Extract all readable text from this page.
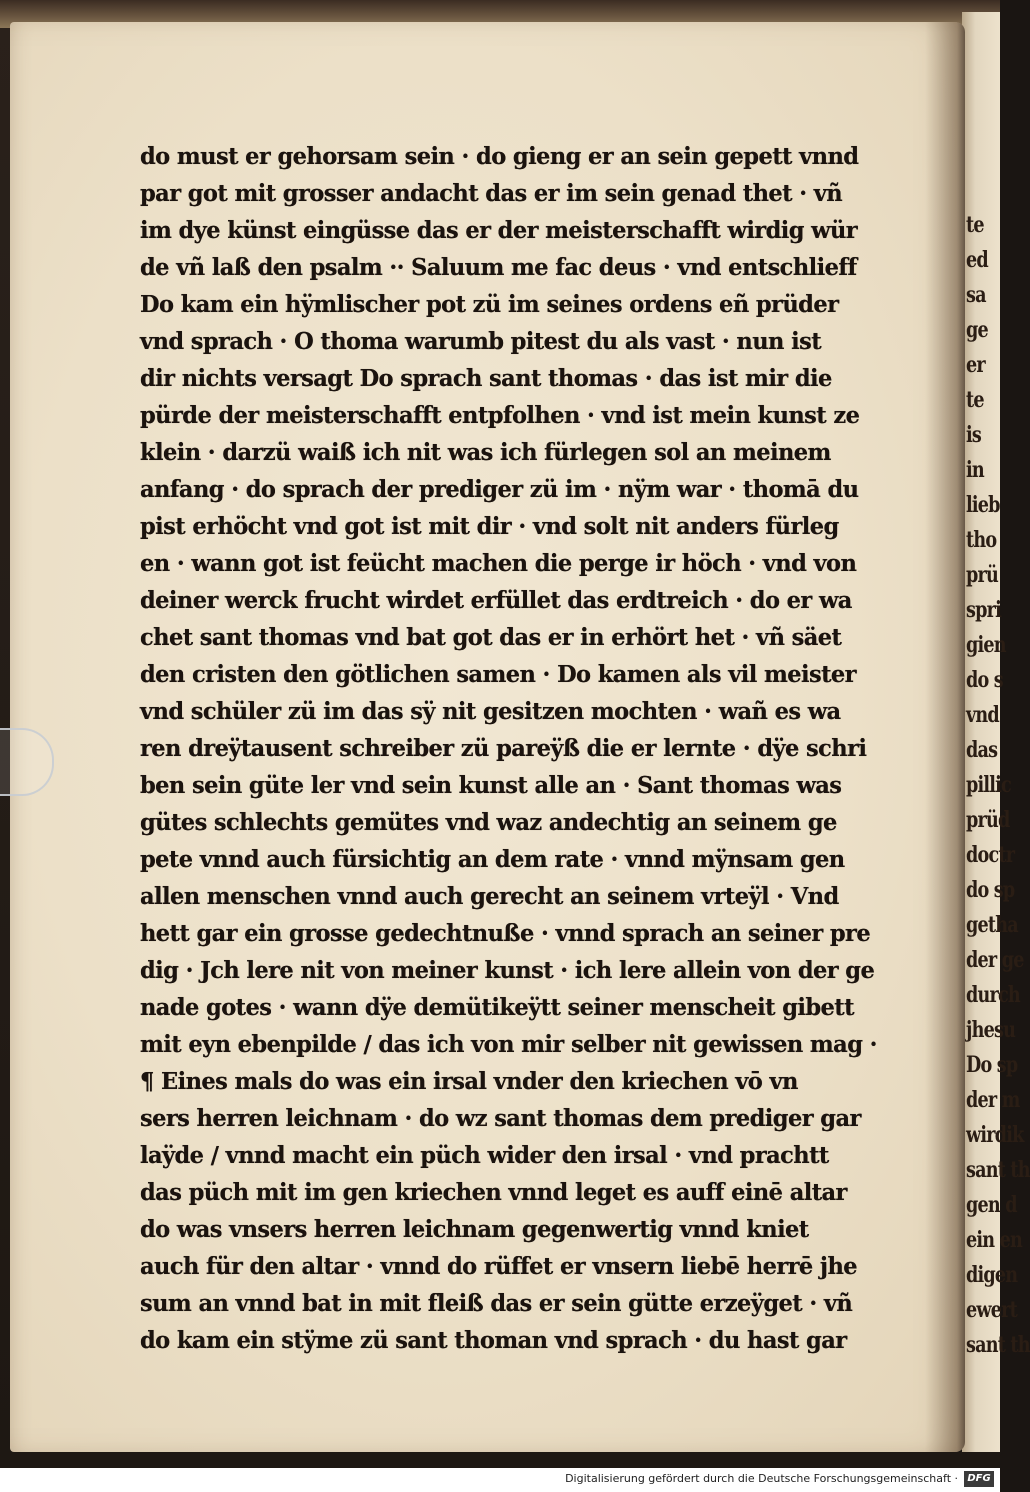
te
ed
sa
ge
er
te
is
in
lieb
tho
prü
spri
gien
do s
vnd
das
pillic
prüd
doctr
do sp
getha
der ge
durch
jhesu
Do sp
der m
wirdik
sant th
gen d
ein en
digen
ewert
sant th
do must er gehorsam sein · do gieng er an sein gepett vnnd
par got mit grosser andacht das er im sein genad thet · vñ
im dye künst eingüsse das er der meisterschafft wirdig wür
de vñ laß den psalm ·· Saluum me fac deus · vnd entschlieff
Do kam ein hÿmlischer pot zü im seines ordens eñ prüder
vnd sprach · O thoma warumb pitest du als vast · nun ist
dir nichts versagt Do sprach sant thomas · das ist mir die
pürde der meisterschafft entpfolhen · vnd ist mein kunst ze
klein · darzü waiß ich nit was ich fürlegen sol an meinem
anfang · do sprach der prediger zü im · nÿm war · thomā du
pist erhöcht vnd got ist mit dir · vnd solt nit anders fürleg
en · wann got ist feücht machen die perge ir höch · vnd von
deiner werck frucht wirdet erfüllet das erdtreich · do er wa
chet sant thomas vnd bat got das er in erhört het · vñ säet
den cristen den götlichen samen · Do kamen als vil meister
vnd schüler zü im das sÿ nit gesitzen mochten · wañ es wa
ren dreÿtausent schreiber zü pareÿß die er lernte · dÿe schri
ben sein güte ler vnd sein kunst alle an · Sant thomas was
gütes schlechts gemütes vnd waz andechtig an seinem ge
pete vnnd auch fürsichtig an dem rate · vnnd mÿnsam gen
allen menschen vnnd auch gerecht an seinem vrteÿl · Vnd
hett gar ein grosse gedechtnuße · vnnd sprach an seiner pre
dig · Jch lere nit von meiner kunst · ich lere allein von der ge
nade gotes · wann dÿe demütikeÿtt seiner menscheit gibett
mit eyn ebenpilde / das ich von mir selber nit gewissen mag ·
¶ Eines mals do was ein irsal vnder den kriechen vō vn
sers herren leichnam · do wz sant thomas dem prediger gar
laÿde / vnnd macht ein püch wider den irsal · vnd prachtt
das püch mit im gen kriechen vnnd leget es auff einē altar
do was vnsers herren leichnam gegenwertig vnnd kniet
auch für den altar · vnnd do rüffet er vnsern liebē herrē jhe
sum an vnnd bat in mit fleiß das er sein gütte erzeÿget · vñ
do kam ein stÿme zü sant thoman vnd sprach · du hast gar
Digitalisierung gefördert durch die Deutsche Forschungsgemeinschaft · DFG
